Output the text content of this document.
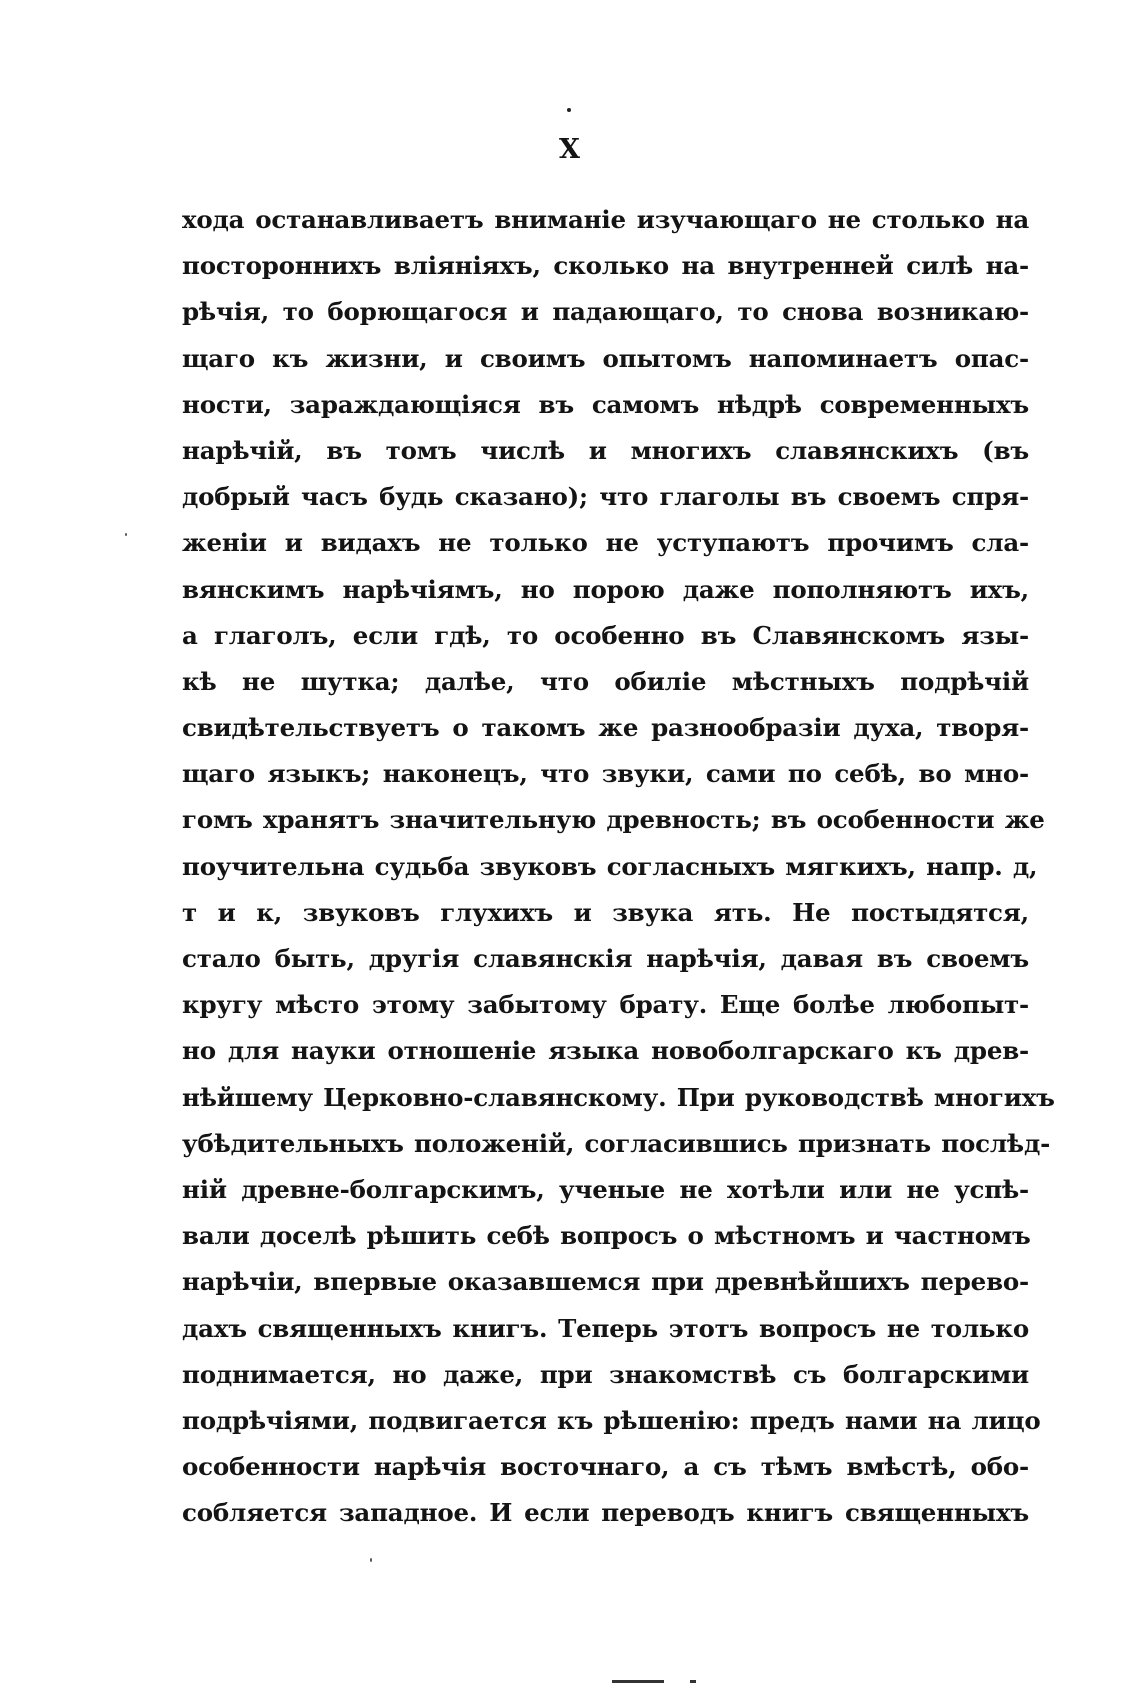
X
хода останавливаетъ вниманіе изучающаго не столько на
постороннихъ вліяніяхъ, сколько на внутренней силѣ на-
рѣчія, то борющагося и падающаго, то снова возникаю-
щаго къ жизни, и своимъ опытомъ напоминаетъ опас-
ности, зараждающіяся въ самомъ нѣдрѣ современныхъ
нарѣчій, въ томъ числѣ и многихъ славянскихъ (въ
добрый часъ будь сказано); что глаголы въ своемъ спря-
женіи и видахъ не только не уступаютъ прочимъ сла-
вянскимъ нарѣчіямъ, но порою даже пополняютъ ихъ,
а глаголъ, если гдѣ, то особенно въ Славянскомъ язы-
кѣ не шутка; далѣе, что обиліе мѣстныхъ подрѣчій
свидѣтельствуетъ о такомъ же разнообразіи духа, творя-
щаго языкъ; наконецъ, что звуки, сами по себѣ, во мно-
гомъ хранятъ значительную древность; въ особенности же
поучительна судьба звуковъ согласныхъ мягкихъ, напр. д,
т и к, звуковъ глухихъ и звука ять. Не постыдятся,
стало быть, другія славянскія нарѣчія, давая въ своемъ
кругу мѣсто этому забытому брату. Еще болѣе любопыт-
но для науки отношеніе языка новоболгарскаго къ древ-
нѣйшему Церковно-славянскому. При руководствѣ многихъ
убѣдительныхъ положеній, согласившись признать послѣд-
ній древне-болгарскимъ, ученые не хотѣли или не успѣ-
вали доселѣ рѣшить себѣ вопросъ о мѣстномъ и частномъ
нарѣчіи, впервые оказавшемся при древнѣйшихъ перево-
дахъ священныхъ книгъ. Теперь этотъ вопросъ не только
поднимается, но даже, при знакомствѣ съ болгарскими
подрѣчіями, подвигается къ рѣшенію: предъ нами на лицо
особенности нарѣчія восточнаго, а съ тѣмъ вмѣстѣ, обо-
собляется западное. И если переводъ книгъ священныхъ
